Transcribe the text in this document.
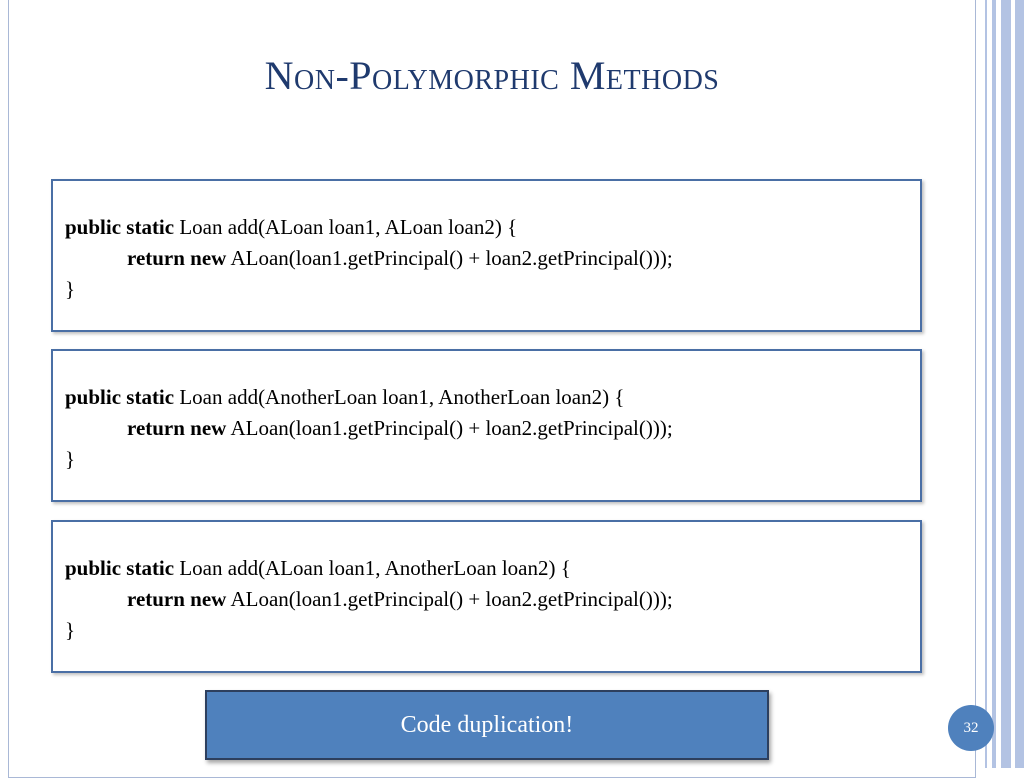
Non-Polymorphic Methods
public static Loan add(ALoan loan1, ALoan loan2) {
return new ALoan(loan1.getPrincipal() + loan2.getPrincipal()));
}
public static Loan add(AnotherLoan loan1, AnotherLoan loan2) {
return new ALoan(loan1.getPrincipal() + loan2.getPrincipal()));
}
public static Loan add(ALoan loan1, AnotherLoan loan2) {
return new ALoan(loan1.getPrincipal() + loan2.getPrincipal()));
}
Code duplication!	32
